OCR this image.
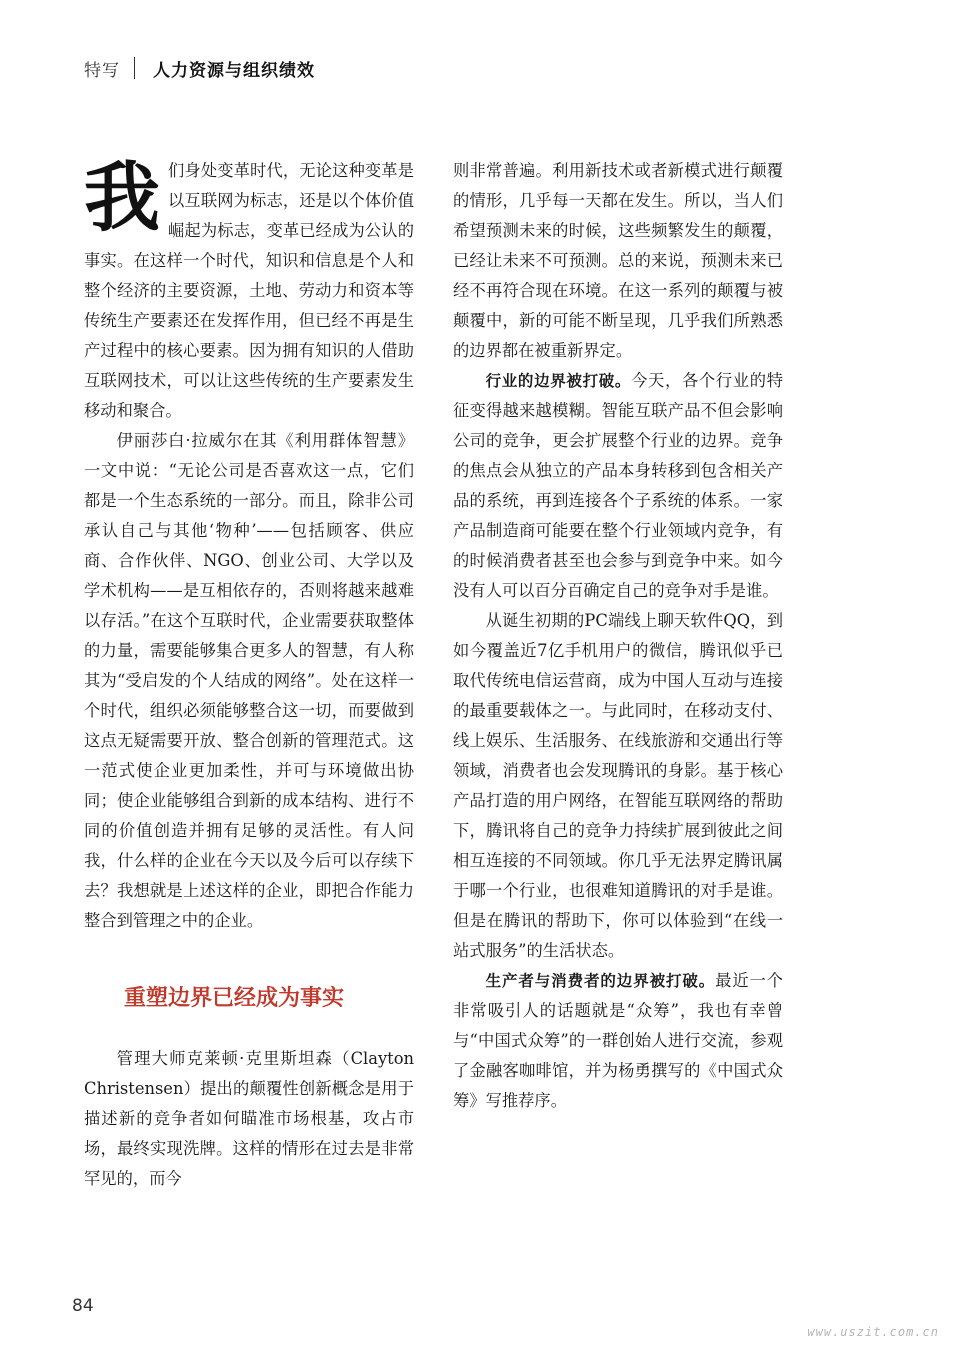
特写 人力资源与组织绩效

我们身处变革时代，无论这种变革是以互联网为标志，还是以个体价值崛起为标志，变革已经成为公认的事实。在这样一个时代，知识和信息是个人和整个经济的主要资源，土地、劳动力和资本等传统生产要素还在发挥作用，但已经不再是生产过程中的核心要素。因为拥有知识的人借助互联网技术，可以让这些传统的生产要素发生移动和聚合。

伊丽莎白·拉威尔在其《利用群体智慧》一文中说：“无论公司是否喜欢这一点，它们都是一个生态系统的一部分。而且，除非公司承认自己与其他‘物种’——包括顾客、供应商、合作伙伴、NGO、创业公司、大学以及学术机构——是互相依存的，否则将越来越难以存活。”在这个互联时代，企业需要获取整体的力量，需要能够集合更多人的智慧，有人称其为“受启发的个人结成的网络”。处在这样一个时代，组织必须能够整合这一切，而要做到这点无疑需要开放、整合创新的管理范式。这一范式使企业更加柔性，并可与环境做出协同；使企业能够组合到新的成本结构、进行不同的价值创造并拥有足够的灵活性。有人问我，什么样的企业在今天以及今后可以存续下去？我想就是上述这样的企业，即把合作能力整合到管理之中的企业。

重塑边界已经成为事实

管理大师克莱顿·克里斯坦森（Clayton Christensen）提出的颠覆性创新概念是用于描述新的竞争者如何瞄准市场根基，攻占市场，最终实现洗牌。这样的情形在过去是非常罕见的，而今

则非常普遍。利用新技术或者新模式进行颠覆的情形，几乎每一天都在发生。所以，当人们希望预测未来的时候，这些频繁发生的颠覆，已经让未来不可预测。总的来说，预测未来已经不再符合现在环境。在这一系列的颠覆与被颠覆中，新的可能不断呈现，几乎我们所熟悉的边界都在被重新界定。

行业的边界被打破。今天，各个行业的特征变得越来越模糊。智能互联产品不但会影响公司的竞争，更会扩展整个行业的边界。竞争的焦点会从独立的产品本身转移到包含相关产品的系统，再到连接各个子系统的体系。一家产品制造商可能要在整个行业领域内竞争，有的时候消费者甚至也会参与到竞争中来。如今没有人可以百分百确定自己的竞争对手是谁。

从诞生初期的PC端线上聊天软件QQ，到如今覆盖近7亿手机用户的微信，腾讯似乎已取代传统电信运营商，成为中国人互动与连接的最重要载体之一。与此同时，在移动支付、线上娱乐、生活服务、在线旅游和交通出行等领域，消费者也会发现腾讯的身影。基于核心产品打造的用户网络，在智能互联网络的帮助下，腾讯将自己的竞争力持续扩展到彼此之间相互连接的不同领域。你几乎无法界定腾讯属于哪一个行业，也很难知道腾讯的对手是谁。但是在腾讯的帮助下，你可以体验到“在线一站式服务”的生活状态。

生产者与消费者的边界被打破。最近一个非常吸引人的话题就是“众筹”，我也有幸曾与“中国式众筹”的一群创始人进行交流，参观了金融客咖啡馆，并为杨勇撰写的《中国式众筹》写推荐序。

84
www.uszit.com.cn
